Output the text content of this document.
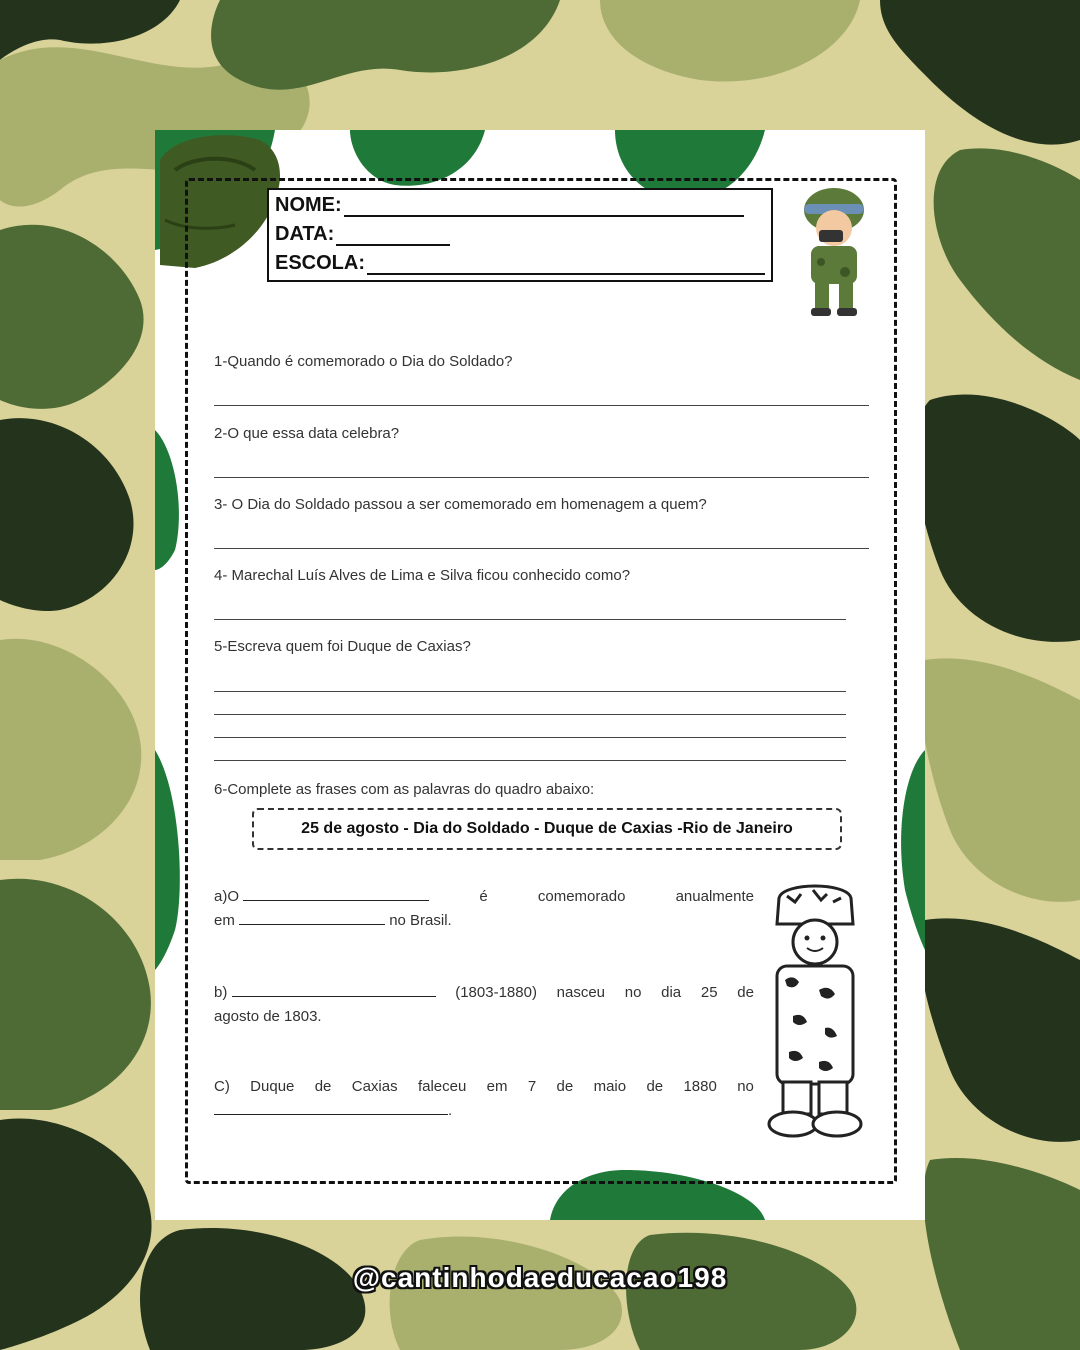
NOME:
DATA:
ESCOLA:
1-Quando é comemorado o Dia do Soldado?
2-O que essa data celebra?
3- O Dia do Soldado passou a ser comemorado em homenagem a quem?
4- Marechal Luís Alves de Lima e Silva ficou conhecido como?
5-Escreva quem foi Duque de Caxias?
6-Complete as frases com as palavras do quadro abaixo:
25 de agosto - Dia do Soldado - Duque de Caxias -Rio de Janeiro
a)O	é	comemorado	anualmente
em	no Brasil.
b)	(1803-1880) nasceu no dia 25 de
agosto de 1803.
C) Duque de Caxias faleceu em 7 de maio de 1880 no
.
@cantinhodaeducacao198
